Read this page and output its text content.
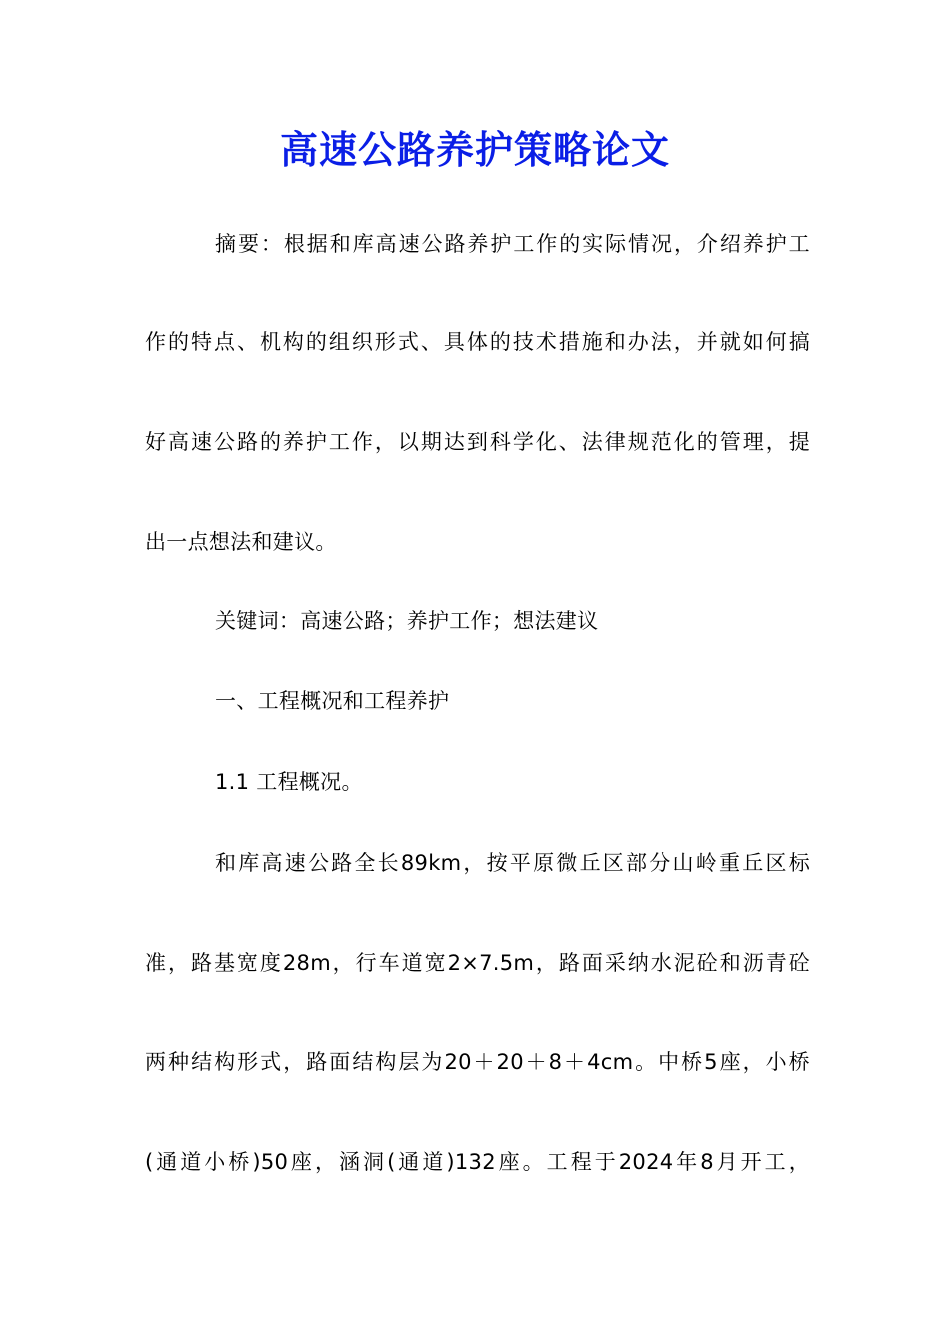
高速公路养护策略论文
摘要：根据和库高速公路养护工作的实际情况，介绍养护工
作的特点、机构的组织形式、具体的技术措施和办法，并就如何搞
好高速公路的养护工作，以期达到科学化、法律规范化的管理，提
出一点想法和建议。
关键词：高速公路；养护工作；想法建议
一、工程概况和工程养护
1.1 工程概况。
和库高速公路全长89km，按平原微丘区部分山岭重丘区标
准，路基宽度28m，行车道宽2×7.5m，路面采纳水泥砼和沥青砼
两种结构形式，路面结构层为20＋20＋8＋4cm。中桥5座，小桥
(通道小桥)50座，涵洞(通道)132座。工程于2024年8月开工，
